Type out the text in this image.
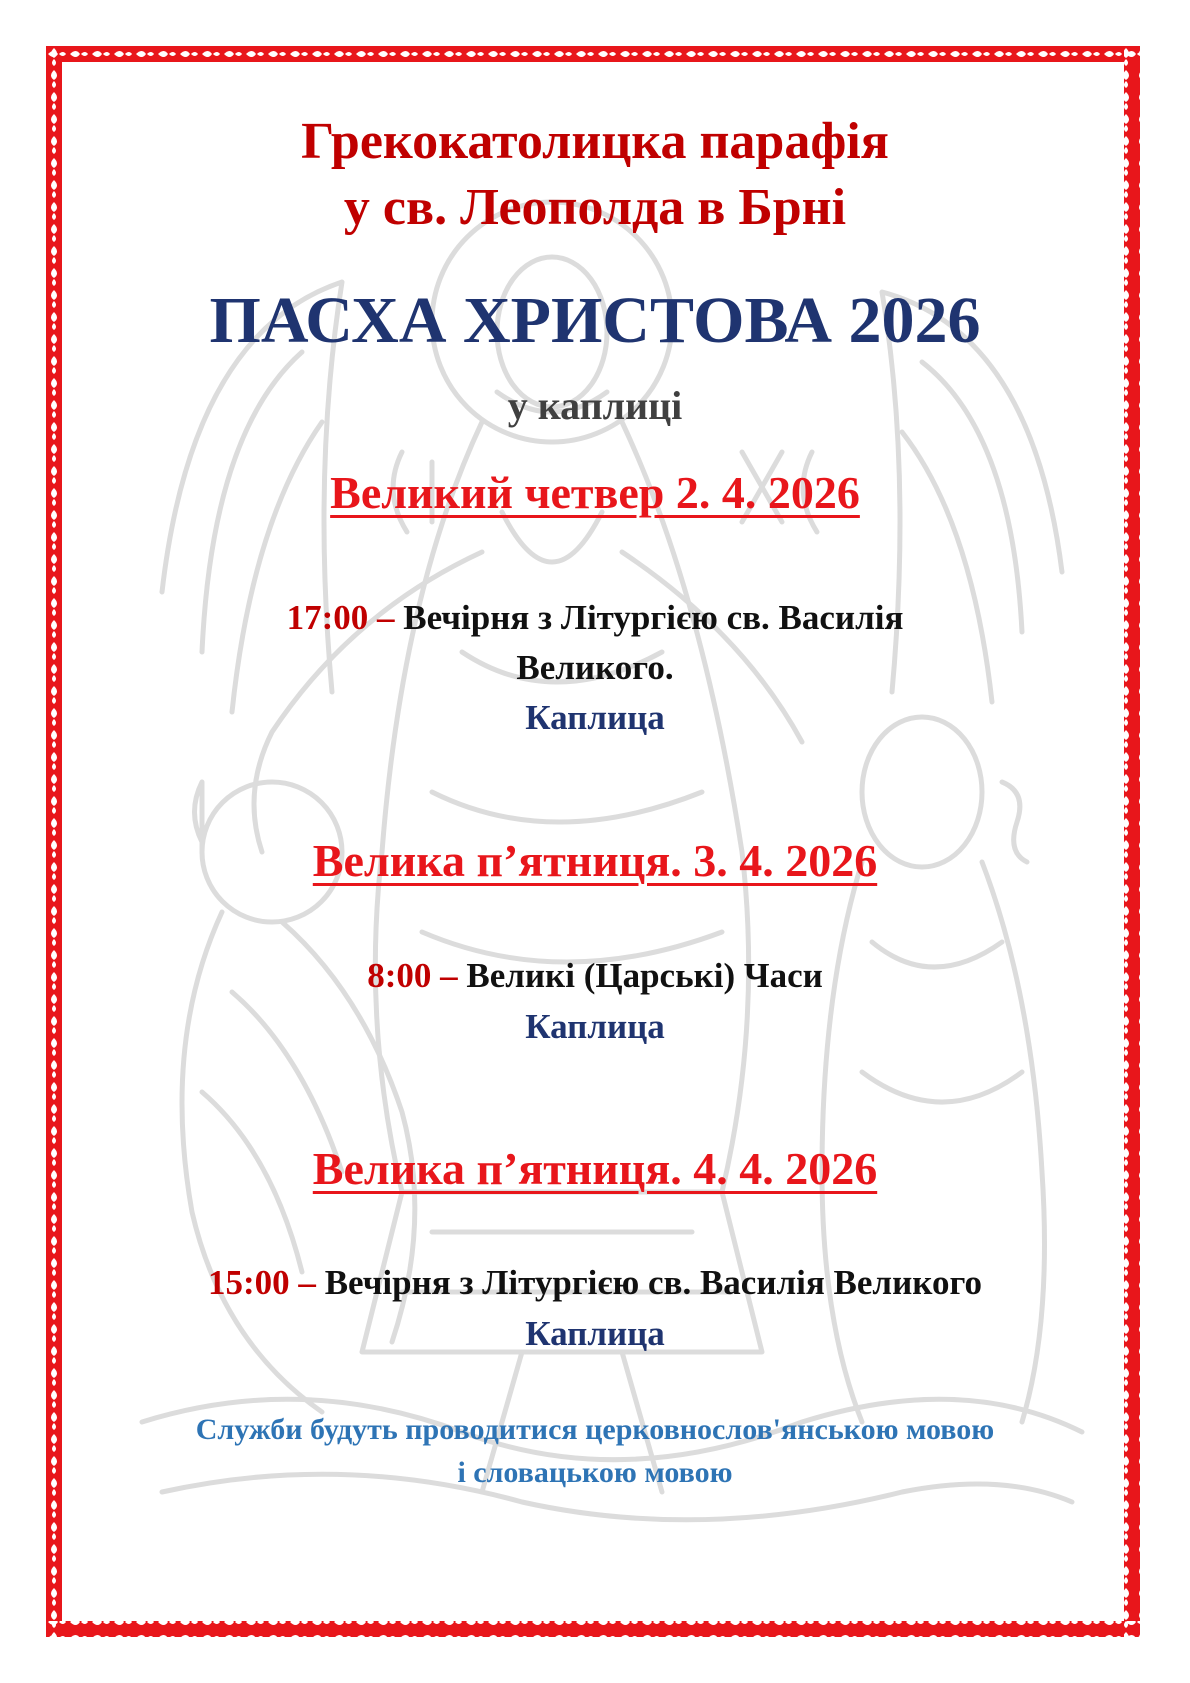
Грекокатолицка парафія
у св. Леополда в Брні
ПАСХА ХРИСТОВА 2026
у каплиці
Великий четвер 2. 4. 2026
17:00 – Вечірня з Літургією св. Василія
Великого.
Каплица
Велика п’ятниця. 3. 4. 2026
8:00 – Великі (Царські) Часи
Каплица
Велика п’ятниця. 4. 4. 2026
15:00 – Вечірня з Літургією св. Василія Великого
Каплица
Служби будуть проводитися церковнослов'янською мовою
і словацькою мовою
